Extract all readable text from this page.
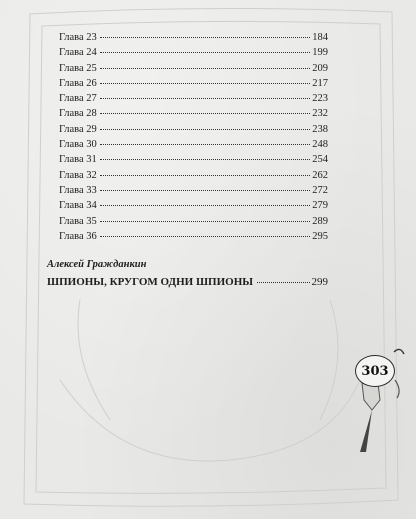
Глава 23	184
Глава 24	199
Глава 25	209
Глава 26	217
Глава 27	223
Глава 28	232
Глава 29	238
Глава 30	248
Глава 31	254
Глава 32	262
Глава 33	272
Глава 34	279
Глава 35	289
Глава 36	295
Алексей Гражданкин
ШПИОНЫ, КРУГОМ ОДНИ ШПИОНЫ	299
303
